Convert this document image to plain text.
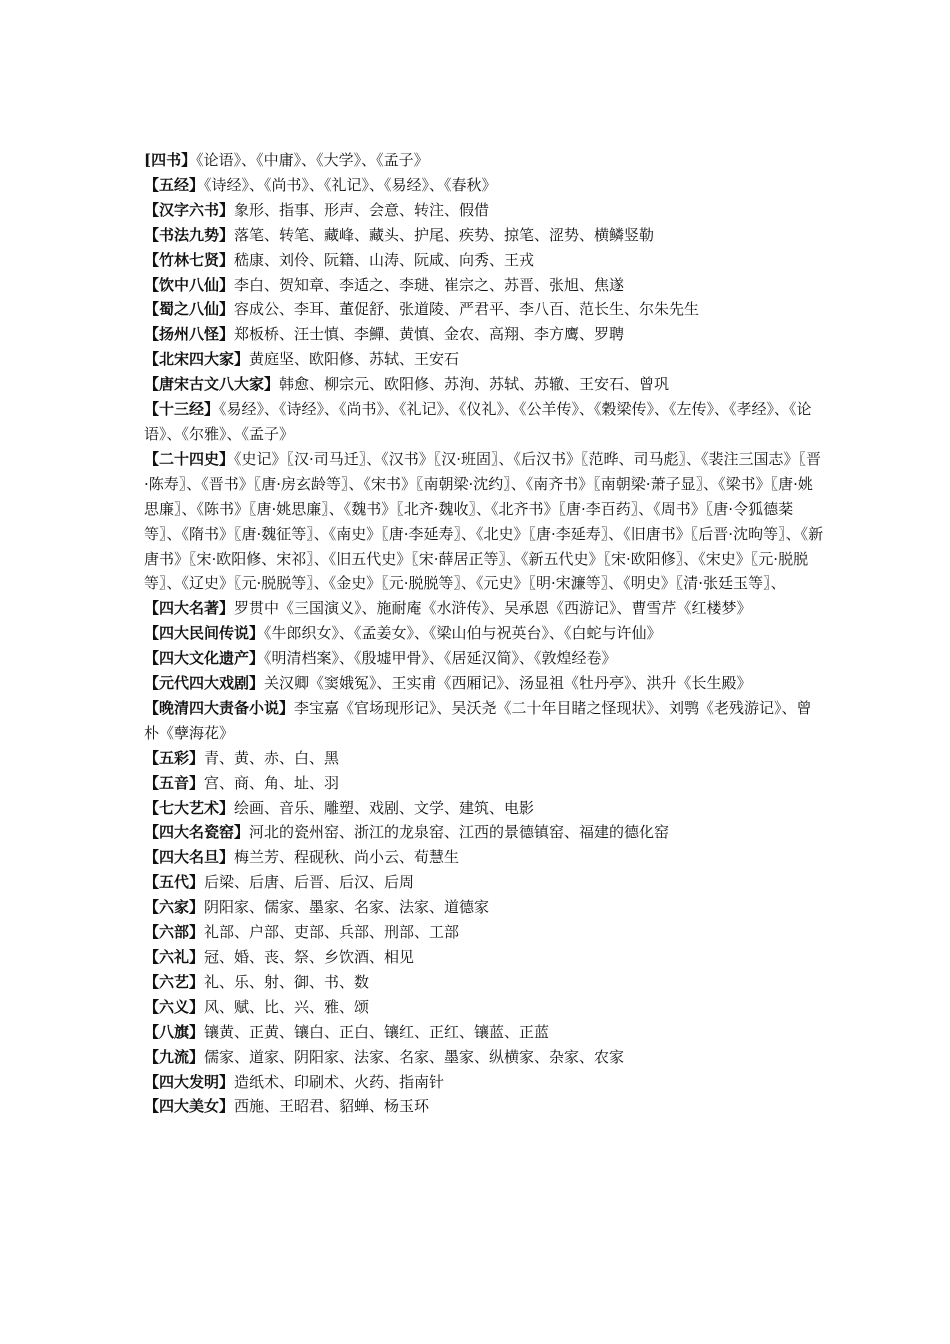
[四书】《论语》、《中庸》、《大学》、《孟子》

【五经】《诗经》、《尚书》、《礼记》、《易经》、《春秋》

【汉字六书】象形、指事、形声、会意、转注、假借

【书法九势】落笔、转笔、藏峰、藏头、护尾、疾势、掠笔、涩势、横鳞竖勒

【竹林七贤】嵇康、刘伶、阮籍、山涛、阮咸、向秀、王戎

【饮中八仙】李白、贺知章、李适之、李琎、崔宗之、苏晋、张旭、焦遂

【蜀之八仙】容成公、李耳、董促舒、张道陵、严君平、李八百、范长生、尔朱先生

【扬州八怪】郑板桥、汪士慎、李鱓、黄慎、金农、高翔、李方鹰、罗聘

【北宋四大家】黄庭坚、欧阳修、苏轼、王安石

【唐宋古文八大家】韩愈、柳宗元、欧阳修、苏洵、苏轼、苏辙、王安石、曾巩

【十三经】《易经》、《诗经》、《尚书》、《礼记》、《仪礼》、《公羊传》、《穀梁传》、《左传》、《孝经》、《论语》、《尔雅》、《孟子》

【二十四史】《史记》〖汉·司马迁〗、《汉书》〖汉·班固〗、《后汉书》〖范晔、司马彪〗、《裴注三国志》〖晋·陈寿〗、《晋书》〖唐·房玄龄等〗、《宋书》〖南朝梁·沈约〗、《南齐书》〖南朝梁·萧子显〗、《梁书》〖唐·姚思廉〗、《陈书》〖唐·姚思廉〗、《魏书》〖北齐·魏收〗、《北齐书》〖唐·李百药〗、《周书》〖唐·令狐德棻等〗、《隋书》〖唐·魏征等〗、《南史》〖唐·李延寿〗、《北史》〖唐·李延寿〗、《旧唐书》〖后晋·沈昫等〗、《新唐书》〖宋·欧阳修、宋祁〗、《旧五代史》〖宋·薛居正等〗、《新五代史》〖宋·欧阳修〗、《宋史》〖元·脱脱等〗、《辽史》〖元·脱脱等〗、《金史》〖元·脱脱等〗、《元史》〖明·宋濂等〗、《明史》〖清·张廷玉等〗、

【四大名著】罗贯中《三国演义》、施耐庵《水浒传》、吴承恩《西游记》、曹雪芹《红楼梦》

【四大民间传说】《牛郎织女》、《孟姜女》、《梁山伯与祝英台》、《白蛇与许仙》

【四大文化遗产】《明清档案》、《殷墟甲骨》、《居延汉简》、《敦煌经卷》

【元代四大戏剧】关汉卿《窦娥冤》、王实甫《西厢记》、汤显祖《牡丹亭》、洪升《长生殿》

【晚清四大责备小说】李宝嘉《官场现形记》、吴沃尧《二十年目睹之怪现状》、刘鹗《老残游记》、曾朴《孽海花》

【五彩】青、黄、赤、白、黑

【五音】宫、商、角、址、羽

【七大艺术】绘画、音乐、雕塑、戏剧、文学、建筑、电影

【四大名瓷窑】河北的瓷州窑、浙江的龙泉窑、江西的景德镇窑、福建的德化窑

【四大名旦】梅兰芳、程砚秋、尚小云、荀慧生

【五代】后梁、后唐、后晋、后汉、后周

【六家】阴阳家、儒家、墨家、名家、法家、道德家

【六部】礼部、户部、吏部、兵部、刑部、工部

【六礼】冠、婚、丧、祭、乡饮酒、相见

【六艺】礼、乐、射、御、书、数

【六义】风、赋、比、兴、雅、颂

【八旗】镶黄、正黄、镶白、正白、镶红、正红、镶蓝、正蓝

【九流】儒家、道家、阴阳家、法家、名家、墨家、纵横家、杂家、农家

【四大发明】造纸术、印刷术、火药、指南针

【四大美女】西施、王昭君、貂蝉、杨玉环
